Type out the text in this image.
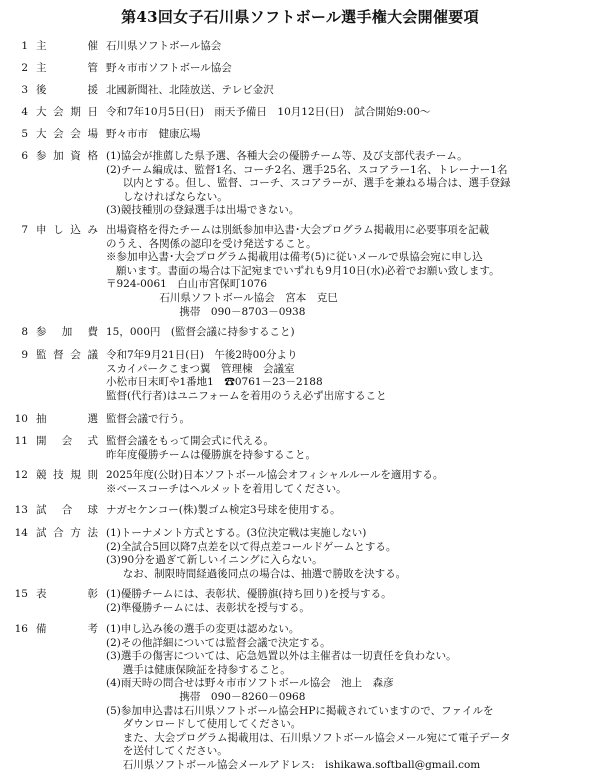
第43回女子石川県ソフトボール選手権大会開催要項
1 主	催 石川県ソフトボール協会
2 主	管 野々市市ソフトボール協会
3 後	援 北國新聞社、北陸放送、テレビ金沢
4 大 会 期 日 令和7年10月5日(日)　雨天予備日　10月12日(日)　試合開始9:00～
5 大 会 会 場 野々市市　健康広場
6 参 加 資 格 (1)協会が推薦した県予選、各種大会の優勝チーム等、及び支部代表チーム。
(2)チーム編成は、監督1名、コーチ2名、選手25名、スコアラー1名、トレーナー1名
以内とする。但し、監督、コーチ、スコアラーが、選手を兼ねる場合は、選手登録
しなければならない。
(3)競技種別の登録選手は出場できない。
7 申 し 込 み 出場資格を得たチームは別紙参加申込書･大会プログラム掲載用に必要事項を記載
のうえ、各関係の認印を受け発送すること。
※参加申込書･大会プログラム掲載用は備考(5)に従いメールで県協会宛に申し込
願います。書面の場合は下記宛までいずれも9月10日(水)必着でお願い致します。
〒924-0061　白山市宮保町1076
石川県ソフトボール協会　宮本　克巳
携帯　090－8703－0938
8 参 加 費 15，000円　(監督会議に持参すること)
9 監 督 会 議 令和7年9月21日(日)　午後2時00分より
スカイパークこまつ翼　管理棟　会議室
小松市日末町や1番地1　☎0761－23－2188
監督(代行者)はユニフォームを着用のうえ必ず出席すること
10 抽	選 監督会議で行う。
11 開 会 式 監督会議をもって開会式に代える。
昨年度優勝チームは優勝旗を持参すること。
12 競 技 規 則 2025年度(公財)日本ソフトボール協会オフィシャルルールを適用する。
※ベースコーチはヘルメットを着用してください。
13 試 合 球 ナガセケンコー(株)製ゴム検定3号球を使用する。
14 試 合 方 法 (1)トーナメント方式とする。(3位決定戦は実施しない)
(2)全試合5回以降7点差を以て得点差コールドゲームとする。
(3)90分を過ぎて新しいイニングに入らない。
なお、制限時間経過後同点の場合は、抽選で勝敗を決する。
15 表	彰 (1)優勝チームには、表彰状、優勝旗(持ち回り)を授与する。
(2)準優勝チームには、表彰状を授与する。
16 備	考 (1)申し込み後の選手の変更は認めない。
(2)その他詳細については監督会議で決定する。
(3)選手の傷害については、応急処置以外は主催者は一切責任を負わない。
選手は健康保険証を持参すること。
(4)雨天時の問合せは野々市市ソフトボール協会　池上　森彦
携帯　090－8260－0968
(5)参加申込書は石川県ソフトボール協会HPに掲載されていますので、ファイルを
ダウンロードして使用してください。
また、大会プログラム掲載用は、石川県ソフトボール協会メール宛にて電子データ
を送付してください。
石川県ソフトボール協会メールアドレス:　ishikawa.softball@gmail.com
